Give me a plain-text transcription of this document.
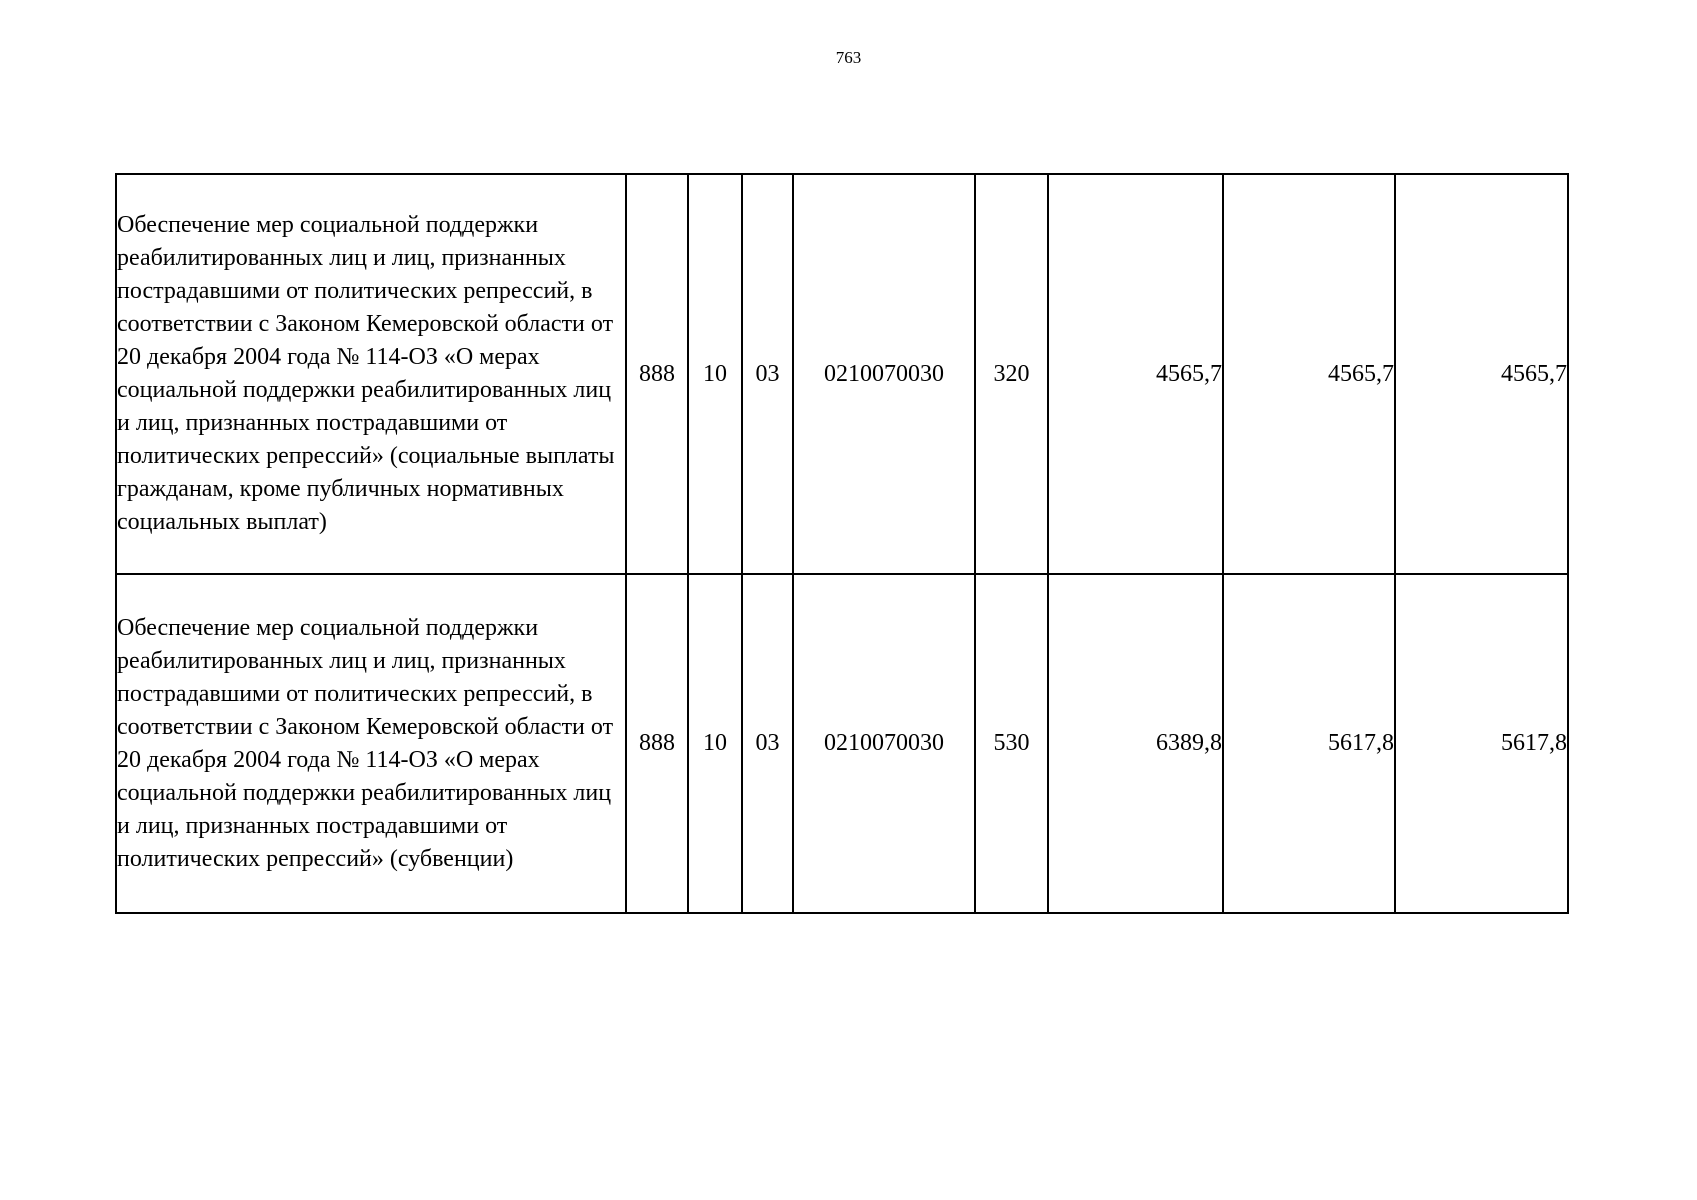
763
Обеспечение мер социальной поддержки реабилитированных лиц и лиц, признанных пострадавшими от политических репрессий, в соответствии с Законом Кемеровской области от 20 декабря 2004 года № 114-ОЗ «О мерах социальной поддержки реабилитированных лиц и лиц, признанных пострадавшими от политических репрессий» (социальные выплаты гражданам, кроме публичных нормативных социальных выплат)	888	10	03	0210070030	320	4565,7	4565,7	4565,7
Обеспечение мер социальной поддержки реабилитированных лиц и лиц, признанных пострадавшими от политических репрессий, в соответствии с Законом Кемеровской области от 20 декабря 2004 года № 114-ОЗ «О мерах социальной поддержки реабилитированных лиц и лиц, признанных пострадавшими от политических репрессий» (субвенции)	888	10	03	0210070030	530	6389,8	5617,8	5617,8
